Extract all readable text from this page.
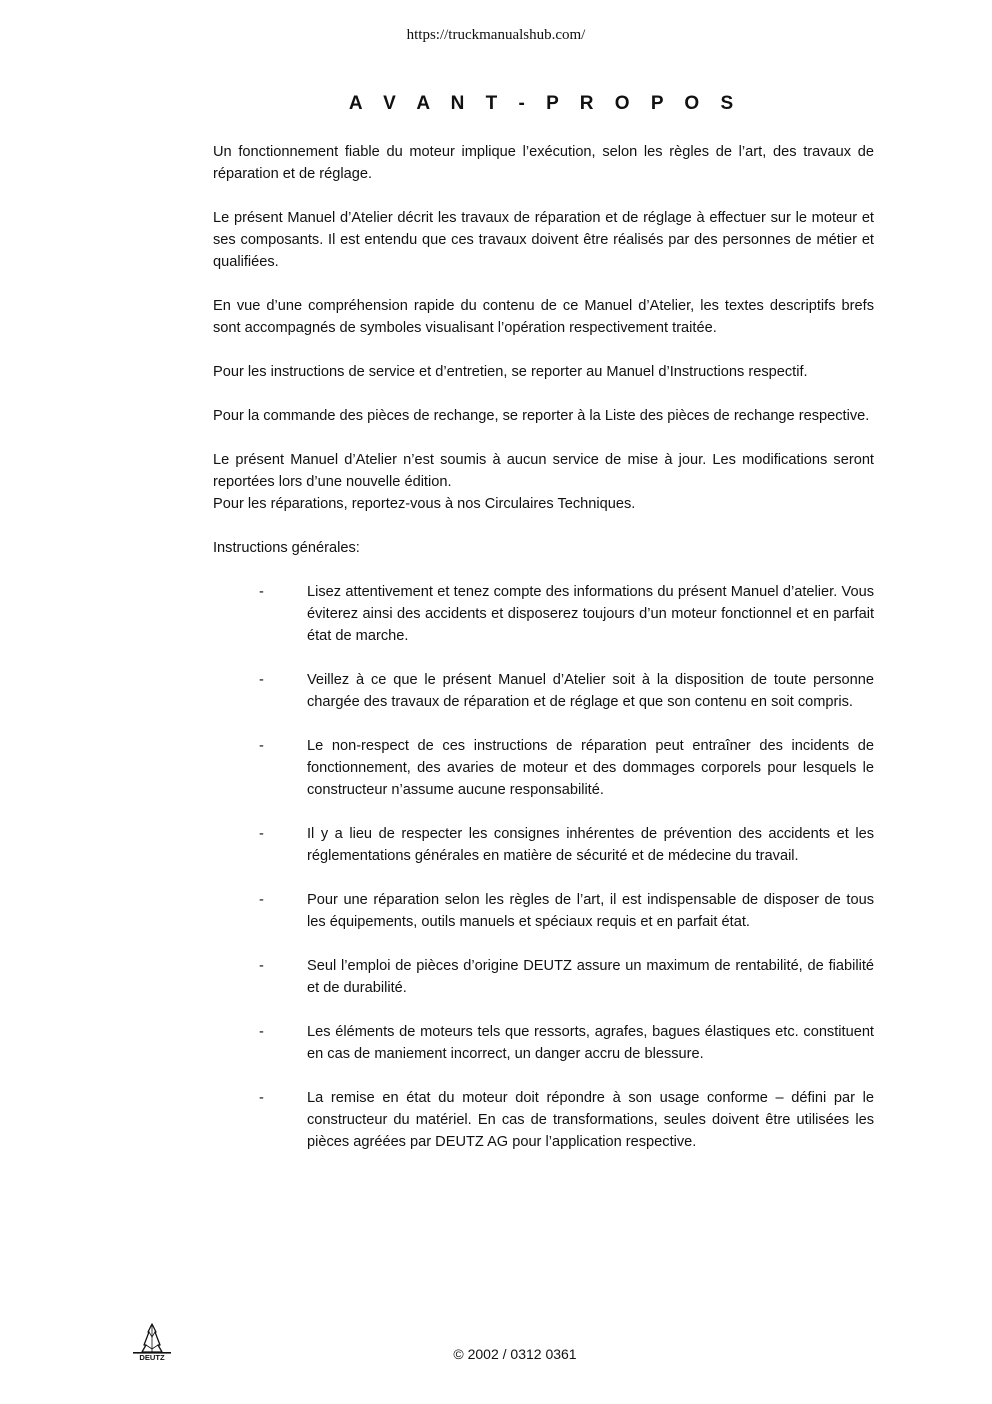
https://truckmanualshub.com/
A V A N T - P R O P O S

Un fonctionnement fiable du moteur implique l’exécution, selon les règles de l’art, des travaux de réparation et de réglage.

Le présent Manuel d’Atelier décrit les travaux de réparation et de réglage à effectuer sur le moteur et ses composants. Il est entendu que ces travaux doivent être réalisés par des personnes de métier et qualifiées.

En vue d’une compréhension rapide du contenu de ce Manuel d’Atelier, les textes descriptifs brefs sont accompagnés de symboles visualisant l’opération respectivement traitée.

Pour les instructions de service et d’entretien, se reporter au Manuel d’Instructions respectif.

Pour la commande des pièces de rechange, se reporter à la Liste des pièces de rechange respective.

Le présent Manuel d’Atelier n’est soumis à aucun service de mise à jour. Les modifications seront reportées lors d’une nouvelle édition.
Pour les réparations, reportez-vous à nos Circulaires Techniques.
Instructions générales:
-	Lisez attentivement et tenez compte des informations du présent Manuel d’atelier. Vous éviterez ainsi des accidents et disposerez toujours d’un moteur fonctionnel et en parfait état de marche.
-	Veillez à ce que le présent Manuel d’Atelier soit à la disposition de toute personne chargée des travaux de réparation et de réglage et que son contenu en soit compris.
-	Le non-respect de ces instructions de réparation peut entraîner des incidents de fonctionnement, des avaries de moteur et des dommages corporels pour lesquels le constructeur n’assume aucune responsabilité.
-	Il y a lieu de respecter les consignes inhérentes de prévention des accidents et les réglementations générales en matière de sécurité et de médecine du travail.
-	Pour une réparation selon les règles de l’art, il est indispensable de disposer de tous les équipements, outils manuels et spéciaux requis et en parfait état.
-	Seul l’emploi de pièces d’origine DEUTZ assure un maximum de rentabilité, de fiabilité et de durabilité.
-	Les éléments de moteurs tels que ressorts, agrafes, bagues élastiques etc. constituent en cas de maniement incorrect, un danger accru de blessure.
-	La remise en état du moteur doit répondre à son usage conforme – défini par le constructeur du matériel. En cas de transformations, seules doivent être utilisées les pièces agréées par DEUTZ AG pour l’application respective.
DEUTZ	© 2002 / 0312 0361
